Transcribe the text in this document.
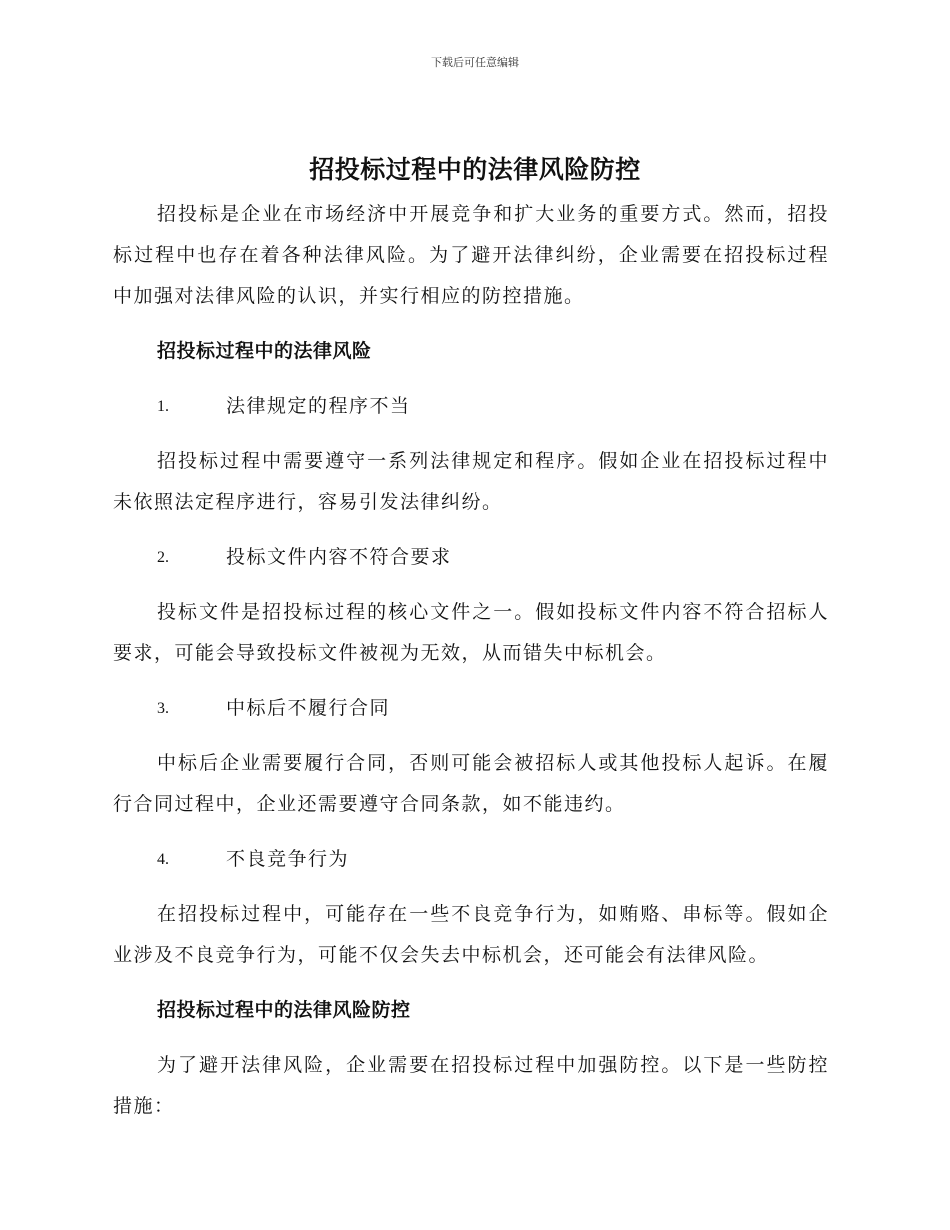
下载后可任意编辑
招投标过程中的法律风险防控

招投标是企业在市场经济中开展竞争和扩大业务的重要方式。然而，招投标过程中也存在着各种法律风险。为了避开法律纠纷，企业需要在招投标过程中加强对法律风险的认识，并实行相应的防控措施。

招投标过程中的法律风险

1.	法律规定的程序不当

招投标过程中需要遵守一系列法律规定和程序。假如企业在招投标过程中未依照法定程序进行，容易引发法律纠纷。

2.	投标文件内容不符合要求

投标文件是招投标过程的核心文件之一。假如投标文件内容不符合招标人要求，可能会导致投标文件被视为无效，从而错失中标机会。

3.	中标后不履行合同

中标后企业需要履行合同，否则可能会被招标人或其他投标人起诉。在履行合同过程中，企业还需要遵守合同条款，如不能违约。

4.	不良竞争行为

在招投标过程中，可能存在一些不良竞争行为，如贿赂、串标等。假如企业涉及不良竞争行为，可能不仅会失去中标机会，还可能会有法律风险。

招投标过程中的法律风险防控

为了避开法律风险，企业需要在招投标过程中加强防控。以下是一些防控措施：
